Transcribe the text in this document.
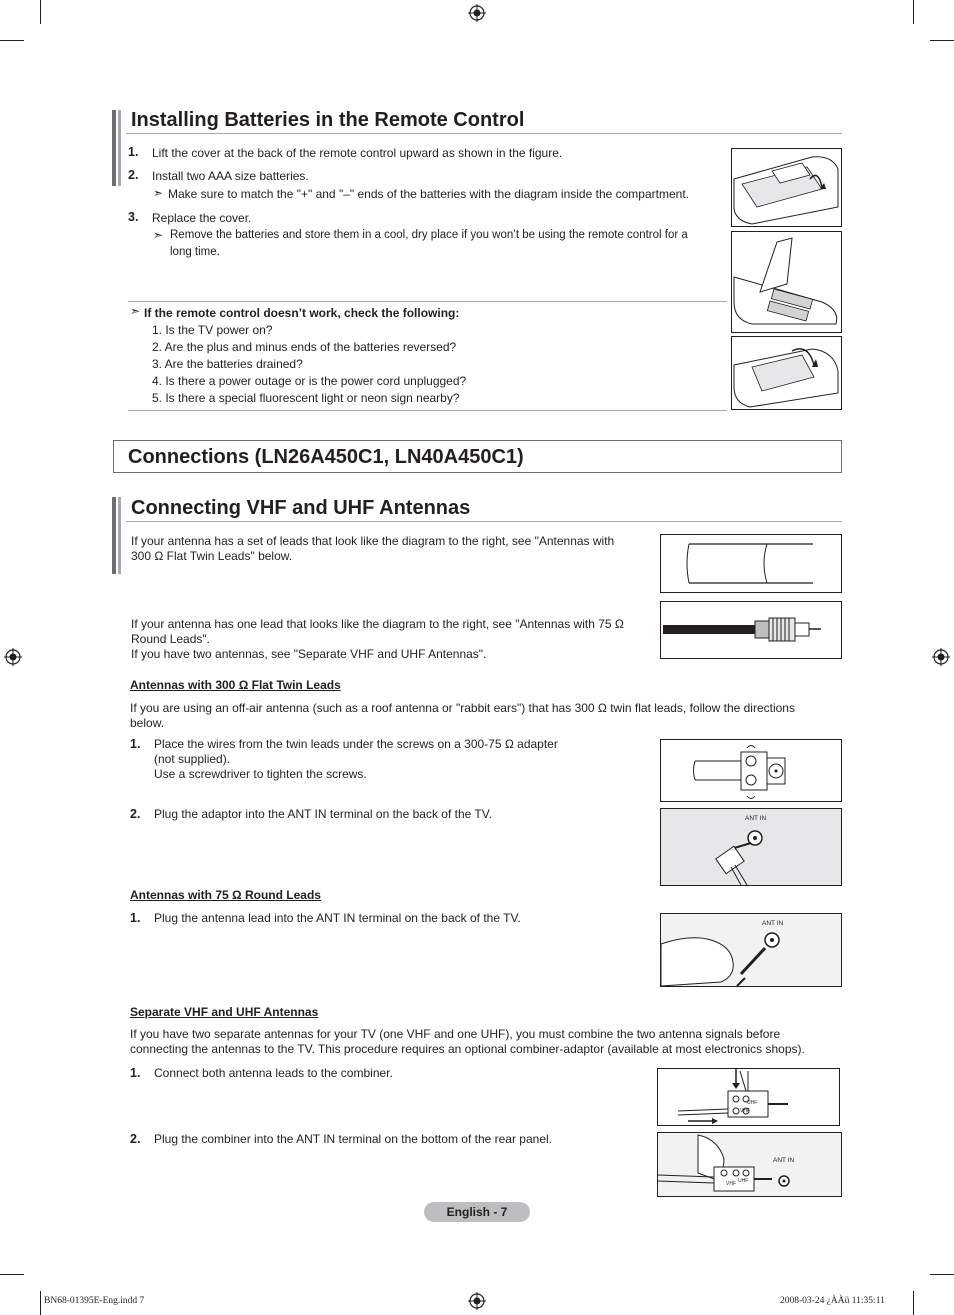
Installing Batteries in the Remote Control
1. Lift the cover at the back of the remote control upward as shown in the figure.
2. Install two AAA size batteries.
➣ Make sure to match the "+" and "–" ends of the batteries with the diagram inside the compartment.
3. Replace the cover.
➣ Remove the batteries and store them in a cool, dry place if you won’t be using the remote control for a
long time.
➣ If the remote control doesn’t work, check the following:
1. Is the TV power on?
2. Are the plus and minus ends of the batteries reversed?
3. Are the batteries drained?
4. Is there a power outage or is the power cord unplugged?
5. Is there a special fluorescent light or neon sign nearby?
Connections (LN26A450C1, LN40A450C1)
Connecting VHF and UHF Antennas
If your antenna has a set of leads that look like the diagram to the right, see "Antennas with 300 Ω Flat Twin Leads" below.
If your antenna has one lead that looks like the diagram to the right, see "Antennas with 75 Ω Round Leads".
If you have two antennas, see "Separate VHF and UHF Antennas".
Antennas with 300 Ω Flat Twin Leads
If you are using an off-air antenna (such as a roof antenna or "rabbit ears") that has 300 Ω twin flat leads, follow the directions below.
1. Place the wires from the twin leads under the screws on a 300-75 Ω adapter
(not supplied).
Use a screwdriver to tighten the screws.
2. Plug the adaptor into the ANT IN terminal on the back of the TV.	ANT IN
Antennas with 75 Ω Round Leads
1. Plug the antenna lead into the ANT IN terminal on the back of the TV.	ANT IN
Separate VHF and UHF Antennas
If you have two separate antennas for your TV (one VHF and one UHF), you must combine the two antenna signals before connecting the antennas to the TV. This procedure requires an optional combiner-adaptor (available at most electronics shops).
1. Connect both antenna leads to the combiner.
2. Plug the combiner into the ANT IN terminal on the bottom of the rear panel.
UHF
VHF
ANT IN
UHF
VHF
English - 7
BN68-01395E-Eng.indd 7	2008-03-24 ¿ÀÀü 11:35:11
